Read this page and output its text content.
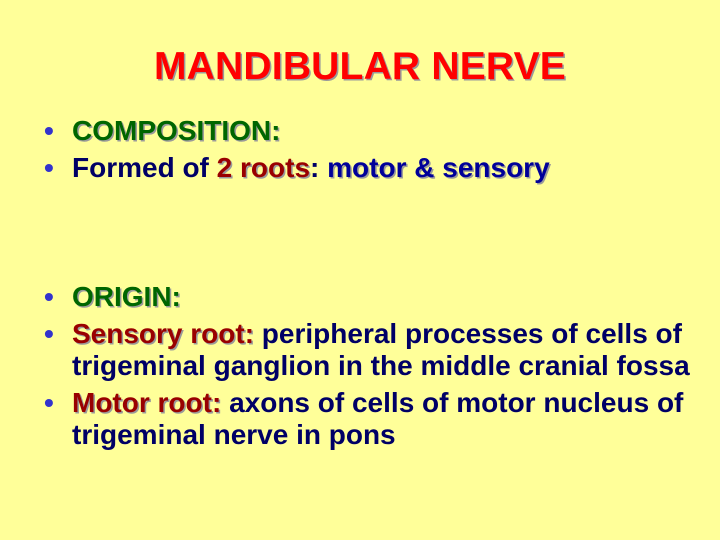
MANDIBULAR NERVE
• COMPOSITION:
• Formed of 2 roots: motor & sensory
• ORIGIN:
• Sensory root: peripheral processes of cells of trigeminal ganglion in the middle cranial fossa
• Motor root: axons of cells of motor nucleus of trigeminal nerve in pons
